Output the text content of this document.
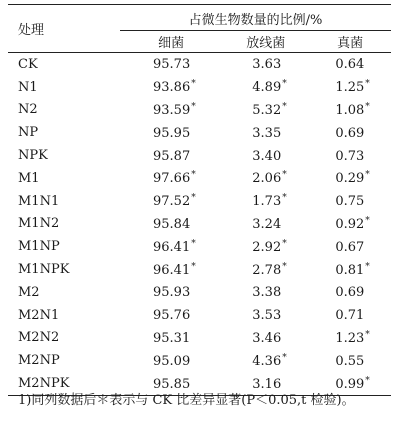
处理	占微生物数量的比例/%		
	细菌	放线菌	真菌
CK	95.73	3.63	0.64
N1	93.86*	4.89*	1.25*
N2	93.59*	5.32*	1.08*
NP	95.95	3.35	0.69
NPK	95.87	3.40	0.73
M1	97.66*	2.06*	0.29*
M1N1	97.52*	1.73*	0.75
M1N2	95.84	3.24	0.92*
M1NP	96.41*	2.92*	0.67
M1NPK	96.41*	2.78*	0.81*
M2	95.93	3.38	0.69
M2N1	95.76	3.53	0.71
M2N2	95.31	3.46	1.23*
M2NP	95.09	4.36*	0.55
M2NPK	95.85	3.16	0.99*
1)同列数据后＊表示与 CK 比差异显著(P＜0.05,t 检验)。
